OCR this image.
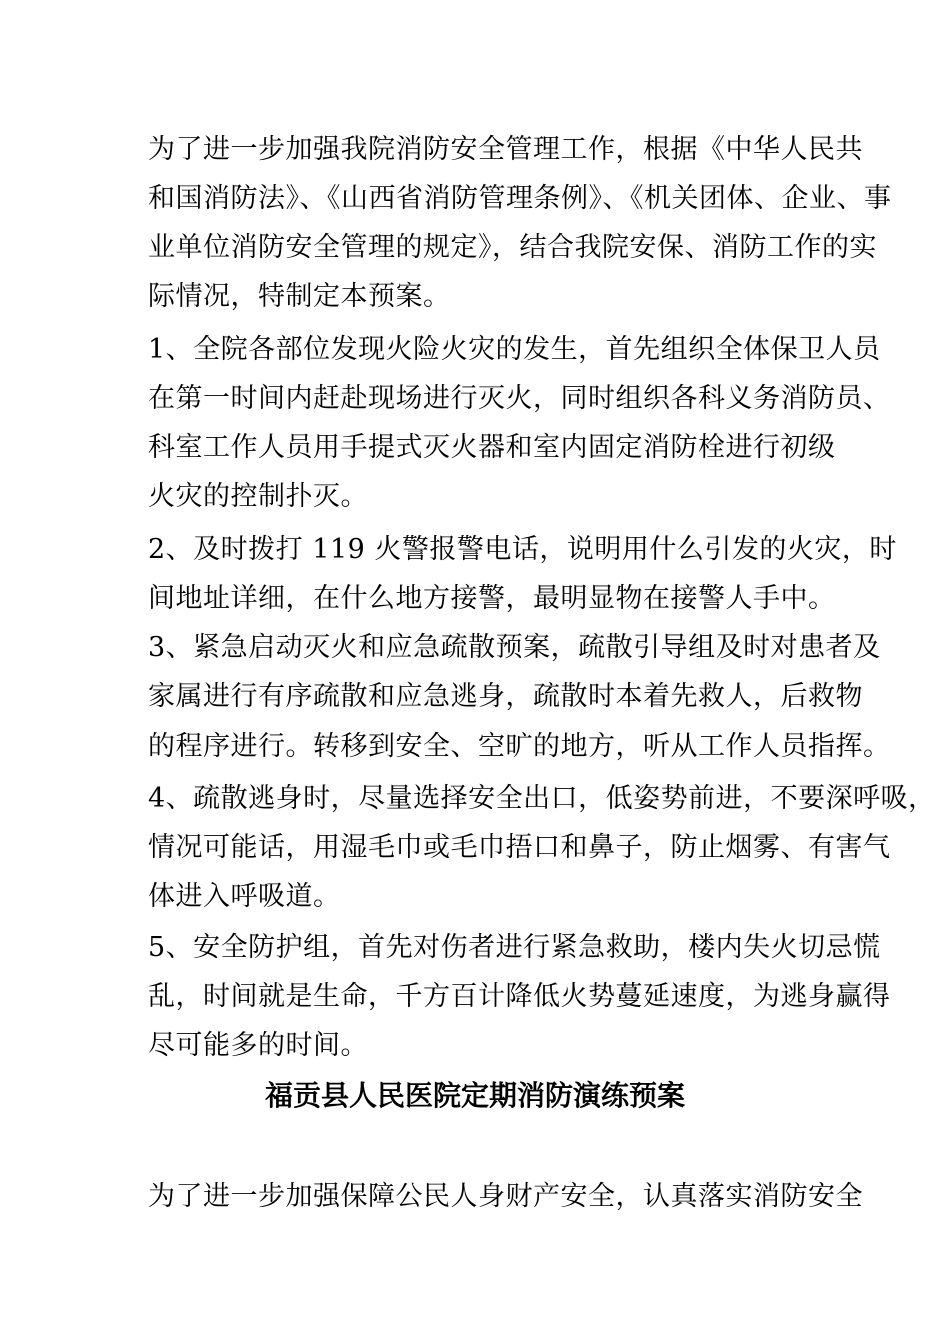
为了进一步加强我院消防安全管理工作，根据《中华人民共
和国消防法》、《山西省消防管理条例》、《机关团体、企业、事
业单位消防安全管理的规定》，结合我院安保、消防工作的实
际情况，特制定本预案。
1、全院各部位发现火险火灾的发生，首先组织全体保卫人员
在第一时间内赶赴现场进行灭火，同时组织各科义务消防员、
科室工作人员用手提式灭火器和室内固定消防栓进行初级
火灾的控制扑灭。
2、及时拨打 119 火警报警电话，说明用什么引发的火灾，时
间地址详细，在什么地方接警，最明显物在接警人手中。
3、紧急启动灭火和应急疏散预案，疏散引导组及时对患者及
家属进行有序疏散和应急逃身，疏散时本着先救人，后救物
的程序进行。转移到安全、空旷的地方，听从工作人员指挥。
4、疏散逃身时，尽量选择安全出口，低姿势前进，不要深呼吸，
情况可能话，用湿毛巾或毛巾捂口和鼻子，防止烟雾、有害气
体进入呼吸道。
5、安全防护组，首先对伤者进行紧急救助，楼内失火切忌慌
乱，时间就是生命，千方百计降低火势蔓延速度，为逃身赢得
尽可能多的时间。
福贡县人民医院定期消防演练预案
为了进一步加强保障公民人身财产安全，认真落实消防安全
